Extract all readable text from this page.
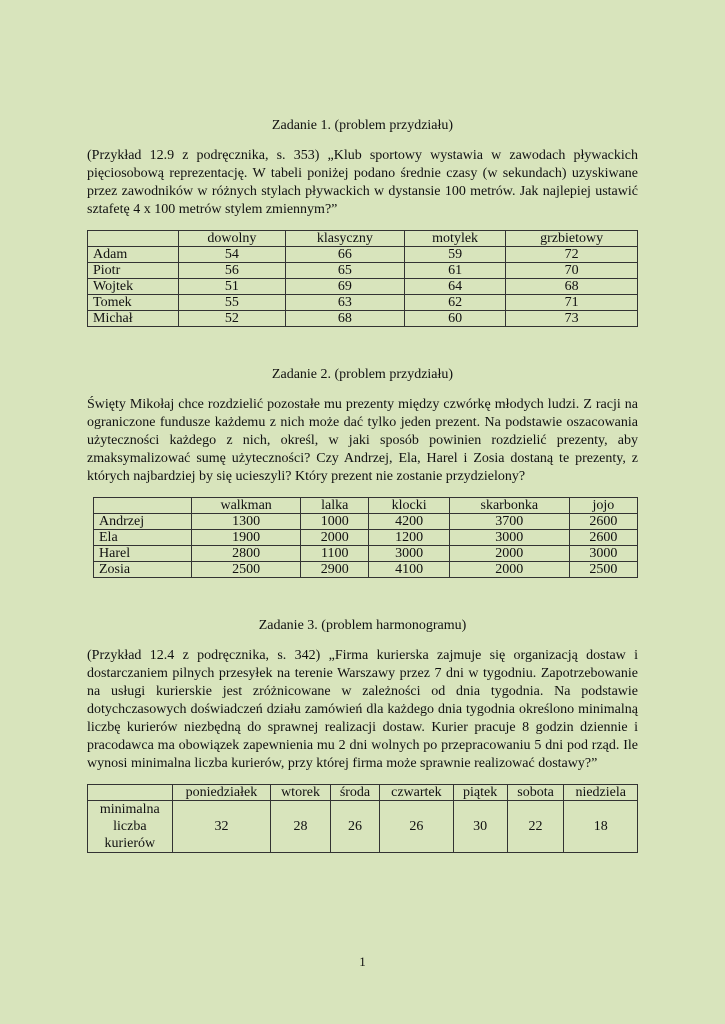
Zadanie 1. (problem przydziału)

(Przykład 12.9 z podręcznika, s. 353) „Klub sportowy wystawia w zawodach pływackich pięciosobową reprezentację. W tabeli poniżej podano średnie czasy (w sekundach) uzyskiwane przez zawodników w różnych stylach pływackich w dystansie 100 metrów. Jak najlepiej ustawić sztafetę 4 x 100 metrów stylem zmiennym?”

	dowolny	klasyczny	motylek	grzbietowy
Adam	54	66	59	72
Piotr	56	65	61	70
Wojtek	51	69	64	68
Tomek	55	63	62	71
Michał	52	68	60	73
Zadanie 2. (problem przydziału)

Święty Mikołaj chce rozdzielić pozostałe mu prezenty między czwórkę młodych ludzi. Z racji na ograniczone fundusze każdemu z nich może dać tylko jeden prezent. Na podstawie oszacowania użyteczności każdego z nich, określ, w jaki sposób powinien rozdzielić prezenty, aby zmaksymalizować sumę użyteczności? Czy Andrzej, Ela, Harel i Zosia dostaną te prezenty, z których najbardziej by się ucieszyli? Który prezent nie zostanie przydzielony?

	walkman	lalka	klocki	skarbonka	jojo
Andrzej	1300	1000	4200	3700	2600
Ela	1900	2000	1200	3000	2600
Harel	2800	1100	3000	2000	3000
Zosia	2500	2900	4100	2000	2500
Zadanie 3. (problem harmonogramu)

(Przykład 12.4 z podręcznika, s. 342) „Firma kurierska zajmuje się organizacją dostaw i dostarczaniem pilnych przesyłek na terenie Warszawy przez 7 dni w tygodniu. Zapotrzebowanie na usługi kurierskie jest zróżnicowane w zależności od dnia tygodnia. Na podstawie dotychczasowych doświadczeń działu zamówień dla każdego dnia tygodnia określono minimalną liczbę kurierów niezbędną do sprawnej realizacji dostaw. Kurier pracuje 8 godzin dziennie i pracodawca ma obowiązek zapewnienia mu 2 dni wolnych po przepracowaniu 5 dni pod rząd. Ile wynosi minimalna liczba kurierów, przy której firma może sprawnie realizować dostawy?”

	poniedziałek	wtorek	środa	czwartek	piątek	sobota	niedziela
minimalna
liczba
kurierów	32	28	26	26	30	22	18
1
